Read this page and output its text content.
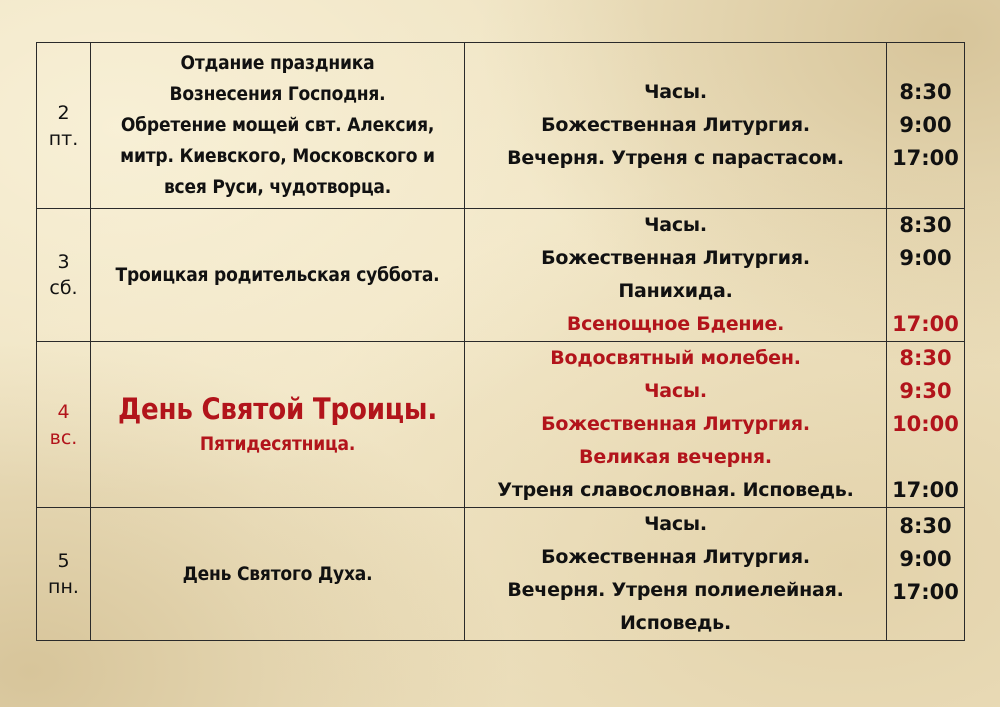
2
пт.	Отдание праздника
Вознесения Господня.
Обретение мощей свт. Алексия,
митр. Киевского, Московского и
всея Руси, чудотворца.	Часы.
Божественная Литургия.
Вечерня. Утреня с парастасом.	8:30
9:00
17:00

3
сб.	Троицкая родительская суббота.	Часы.
Божественная Литургия.
Панихида.
Всенощное Бдение.	8:30
9:00
17:00

4
вс.	День Святой Троицы.
Пятидесятница.	Водосвятный молебен.
Часы.
Божественная Литургия.
Великая вечерня.
Утреня славословная. Исповедь.	8:30
9:30
10:00
17:00

5
пн.	День Святого Духа.	Часы.
Божественная Литургия.
Вечерня. Утреня полиелейная.
Исповедь.	8:30
9:00
17:00
